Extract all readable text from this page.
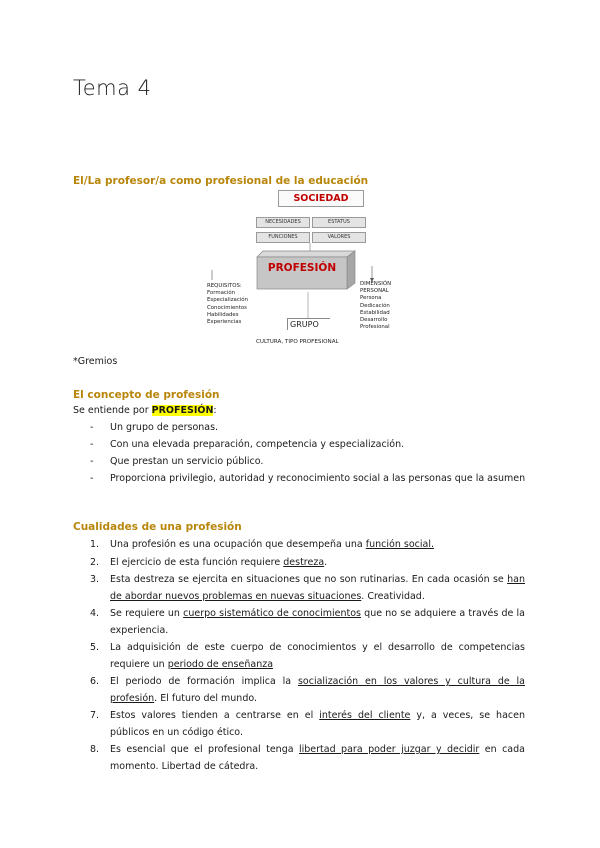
Tema 4
El/La profesor/a como profesional de la educación
SOCIEDAD
NECESIDADES	ESTATUS
FUNCIONES	VALORES
PROFESIÓN
REQUISITOS:
Formación
Especialización
Conocimientos
Habilidades
Experiencias
DIMENSIÓN
PERSONAL
Persona
Dedicación
Estabilidad
Desarrollo
Profesional
GRUPO
CULTURA, TIPO PROFESIONAL
*Gremios
El concepto de profesión
Se entiende por PROFESIÓN:
- Un grupo de personas.
- Con una elevada preparación, competencia y especialización.
- Que prestan un servicio público.
- Proporciona privilegio, autoridad y reconocimiento social a las personas que la asumen
Cualidades de una profesión
1. Una profesión es una ocupación que desempeña una función social.
2. El ejercicio de esta función requiere destreza.
3. Esta destreza se ejercita en situaciones que no son rutinarias. En cada ocasión se han de abordar nuevos problemas en nuevas situaciones. Creatividad.
4. Se requiere un cuerpo sistemático de conocimientos que no se adquiere a través de la experiencia.
5. La adquisición de este cuerpo de conocimientos y el desarrollo de competencias requiere un periodo de enseñanza
6. El periodo de formación implica la socialización en los valores y cultura de la profesión. El futuro del mundo.
7. Estos valores tienden a centrarse en el interés del cliente y, a veces, se hacen públicos en un código ético.
8. Es esencial que el profesional tenga libertad para poder juzgar y decidir en cada momento. Libertad de cátedra.
